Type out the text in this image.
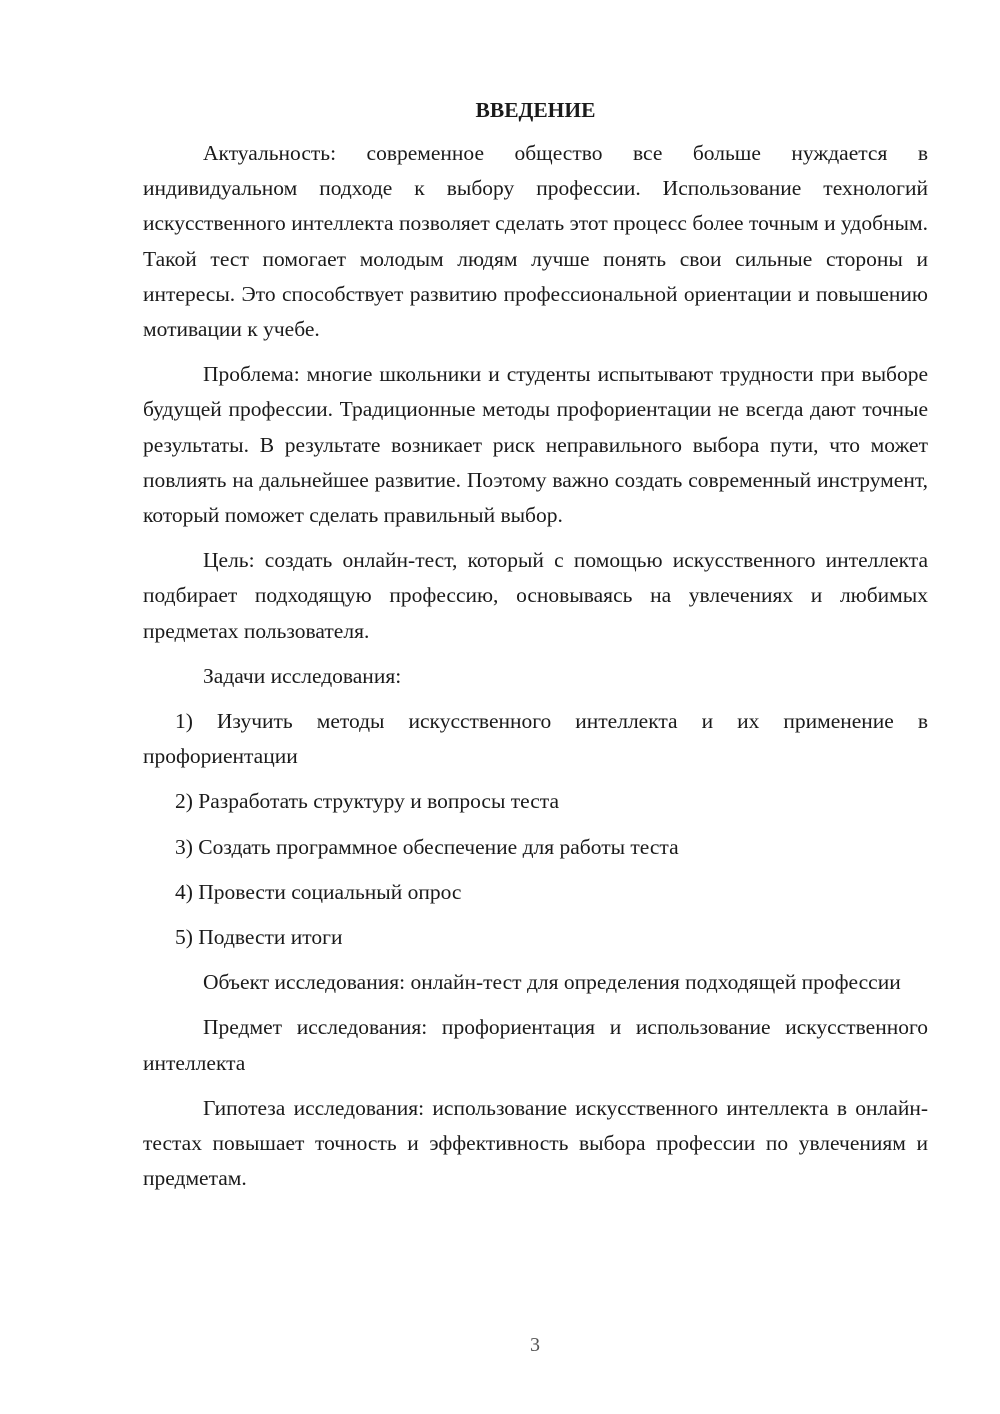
ВВЕДЕНИЕ

Актуальность: современное общество все больше нуждается в индивидуальном подходе к выбору профессии. Использование технологий искусственного интеллекта позволяет сделать этот процесс более точным и удобным. Такой тест помогает молодым людям лучше понять свои сильные стороны и интересы. Это способствует развитию профессиональной ориентации и повышению мотивации к учебе.

Проблема: многие школьники и студенты испытывают трудности при выборе будущей профессии. Традиционные методы профориентации не всегда дают точные результаты. В результате возникает риск неправильного выбора пути, что может повлиять на дальнейшее развитие. Поэтому важно создать современный инструмент, который поможет сделать правильный выбор.

Цель: создать онлайн-тест, который с помощью искусственного интеллекта подбирает подходящую профессию, основываясь на увлечениях и любимых предметах пользователя.

Задачи исследования:

1) Изучить методы искусственного интеллекта и их применение в профориентации

2) Разработать структуру и вопросы теста

3) Создать программное обеспечение для работы теста

4) Провести социальный опрос

5) Подвести итоги

Объект исследования: онлайн-тест для определения подходящей профессии

Предмет исследования: профориентация и использование искусственного интеллекта

Гипотеза исследования: использование искусственного интеллекта в онлайн-тестах повышает точность и эффективность выбора профессии по увлечениям и предметам.

3
